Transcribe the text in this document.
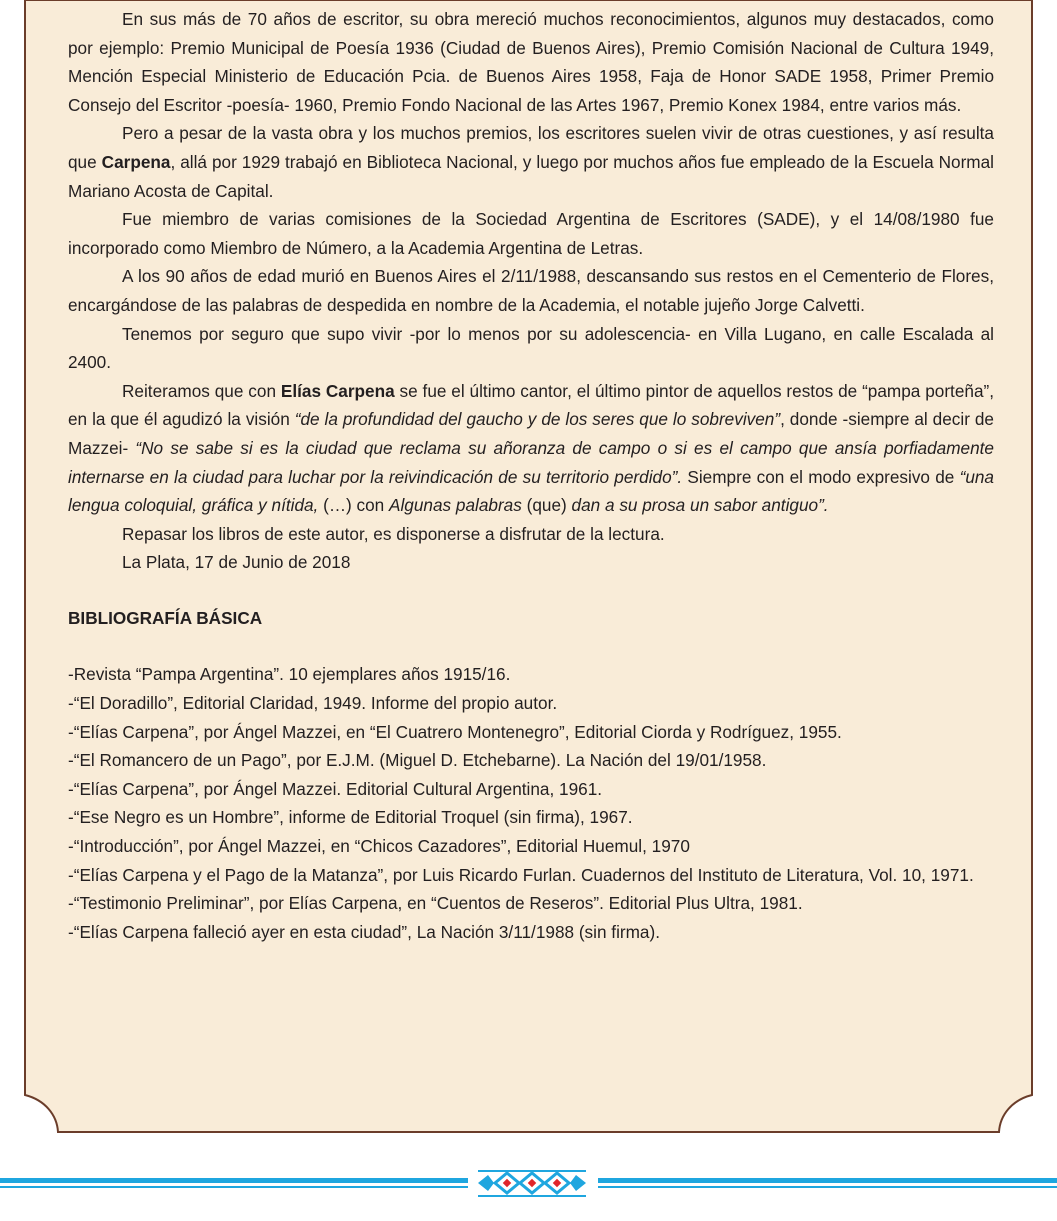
En sus más de 70 años de escritor, su obra mereció muchos reconocimientos, algunos muy destacados, como por ejemplo: Premio Municipal de Poesía 1936 (Ciudad de Buenos Aires), Premio Comisión Nacional de Cultura 1949, Mención Especial Ministerio de Educación Pcia. de Buenos Aires 1958, Faja de Honor SADE 1958, Primer Premio Consejo del Escritor -poesía- 1960, Premio Fondo Nacional de las Artes 1967, Premio Konex 1984, entre varios más.

Pero a pesar de la vasta obra y los muchos premios, los escritores suelen vivir de otras cuestiones, y así resulta que Carpena, allá por 1929 trabajó en Biblioteca Nacional, y luego por muchos años fue empleado de la Escuela Normal Mariano Acosta de Capital.

Fue miembro de varias comisiones de la Sociedad Argentina de Escritores (SADE), y el 14/08/1980 fue incorporado como Miembro de Número, a la Academia Argentina de Letras.

A los 90 años de edad murió en Buenos Aires el 2/11/1988, descansando sus restos en el Cementerio de Flores, encargándose de las palabras de despedida en nombre de la Academia, el notable jujeño Jorge Calvetti.

Tenemos por seguro que supo vivir -por lo menos por su adolescencia- en Villa Lugano, en calle Escalada al 2400.

Reiteramos que con Elías Carpena se fue el último cantor, el último pintor de aquellos restos de “pampa porteña”, en la que él agudizó la visión “de la profundidad del gaucho y de los seres que lo sobreviven”, donde -siempre al decir de Mazzei- “No se sabe si es la ciudad que reclama su añoranza de campo o si es el campo que ansía porfiadamente internarse en la ciudad para luchar por la reivindicación de su territorio perdido”. Siempre con el modo expresivo de “una lengua coloquial, gráfica y nítida, (…) con Algunas palabras (que) dan a su prosa un sabor antiguo”.

Repasar los libros de este autor, es disponerse a disfrutar de la lectura.

La Plata, 17 de Junio de 2018

BIBLIOGRAFÍA BÁSICA
-Revista “Pampa Argentina”. 10 ejemplares años 1915/16.
-“El Doradillo”, Editorial Claridad, 1949. Informe del propio autor.
-“Elías Carpena”, por Ángel Mazzei, en “El Cuatrero Montenegro”, Editorial Ciorda y Rodríguez, 1955.
-“El Romancero de un Pago”, por E.J.M. (Miguel D. Etchebarne). La Nación del 19/01/1958.
-“Elías Carpena”, por Ángel Mazzei. Editorial Cultural Argentina, 1961.
-“Ese Negro es un Hombre”, informe de Editorial Troquel (sin firma), 1967.
-“Introducción”, por Ángel Mazzei, en “Chicos Cazadores”, Editorial Huemul, 1970
-“Elías Carpena y el Pago de la Matanza”, por Luis Ricardo Furlan. Cuadernos del Instituto de Literatura, Vol. 10, 1971.
-“Testimonio Preliminar”, por Elías Carpena, en “Cuentos de Reseros”. Editorial Plus Ultra, 1981.
-“Elías Carpena falleció ayer en esta ciudad”, La Nación 3/11/1988 (sin firma).
